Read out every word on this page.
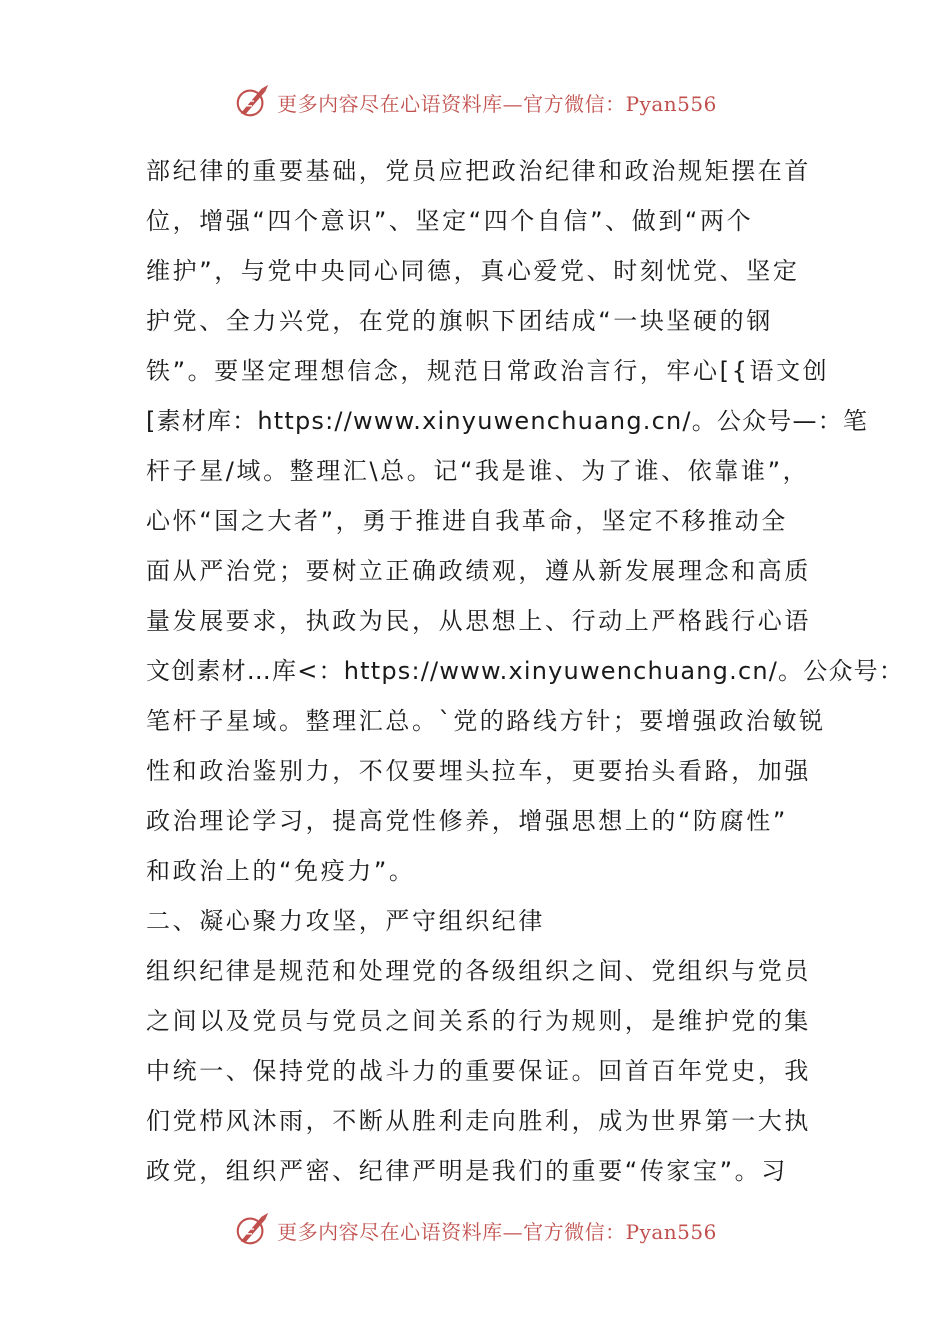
更多内容尽在心语资料库—官方微信：Pyan556
部纪律的重要基础，党员应把政治纪律和政治规矩摆在首
位，增强“四个意识”、坚定“四个自信”、做到“两个
维护”，与党中央同心同德，真心爱党、时刻忧党、坚定
护党、全力兴党，在党的旗帜下团结成“一块坚硬的钢
铁”。要坚定理想信念，规范日常政治言行，牢心[{语文创
[素材库：https://www.xinyuwenchuang.cn/。公众号—：笔
杆子星/域。整理汇\总。记“我是谁、为了谁、依靠谁”，
心怀“国之大者”，勇于推进自我革命，坚定不移推动全
面从严治党；要树立正确政绩观，遵从新发展理念和高质
量发展要求，执政为民，从思想上、行动上严格践行心语
文创素材…库<：https://www.xinyuwenchuang.cn/。公众号：
笔杆子星域。整理汇总。`党的路线方针；要增强政治敏锐
性和政治鉴别力，不仅要埋头拉车，更要抬头看路，加强
政治理论学习，提高党性修养，增强思想上的“防腐性”
和政治上的“免疫力”。
二、凝心聚力攻坚，严守组织纪律
组织纪律是规范和处理党的各级组织之间、党组织与党员
之间以及党员与党员之间关系的行为规则，是维护党的集
中统一、保持党的战斗力的重要保证。回首百年党史，我
们党栉风沐雨，不断从胜利走向胜利，成为世界第一大执
政党，组织严密、纪律严明是我们的重要“传家宝”。习
更多内容尽在心语资料库—官方微信：Pyan556
